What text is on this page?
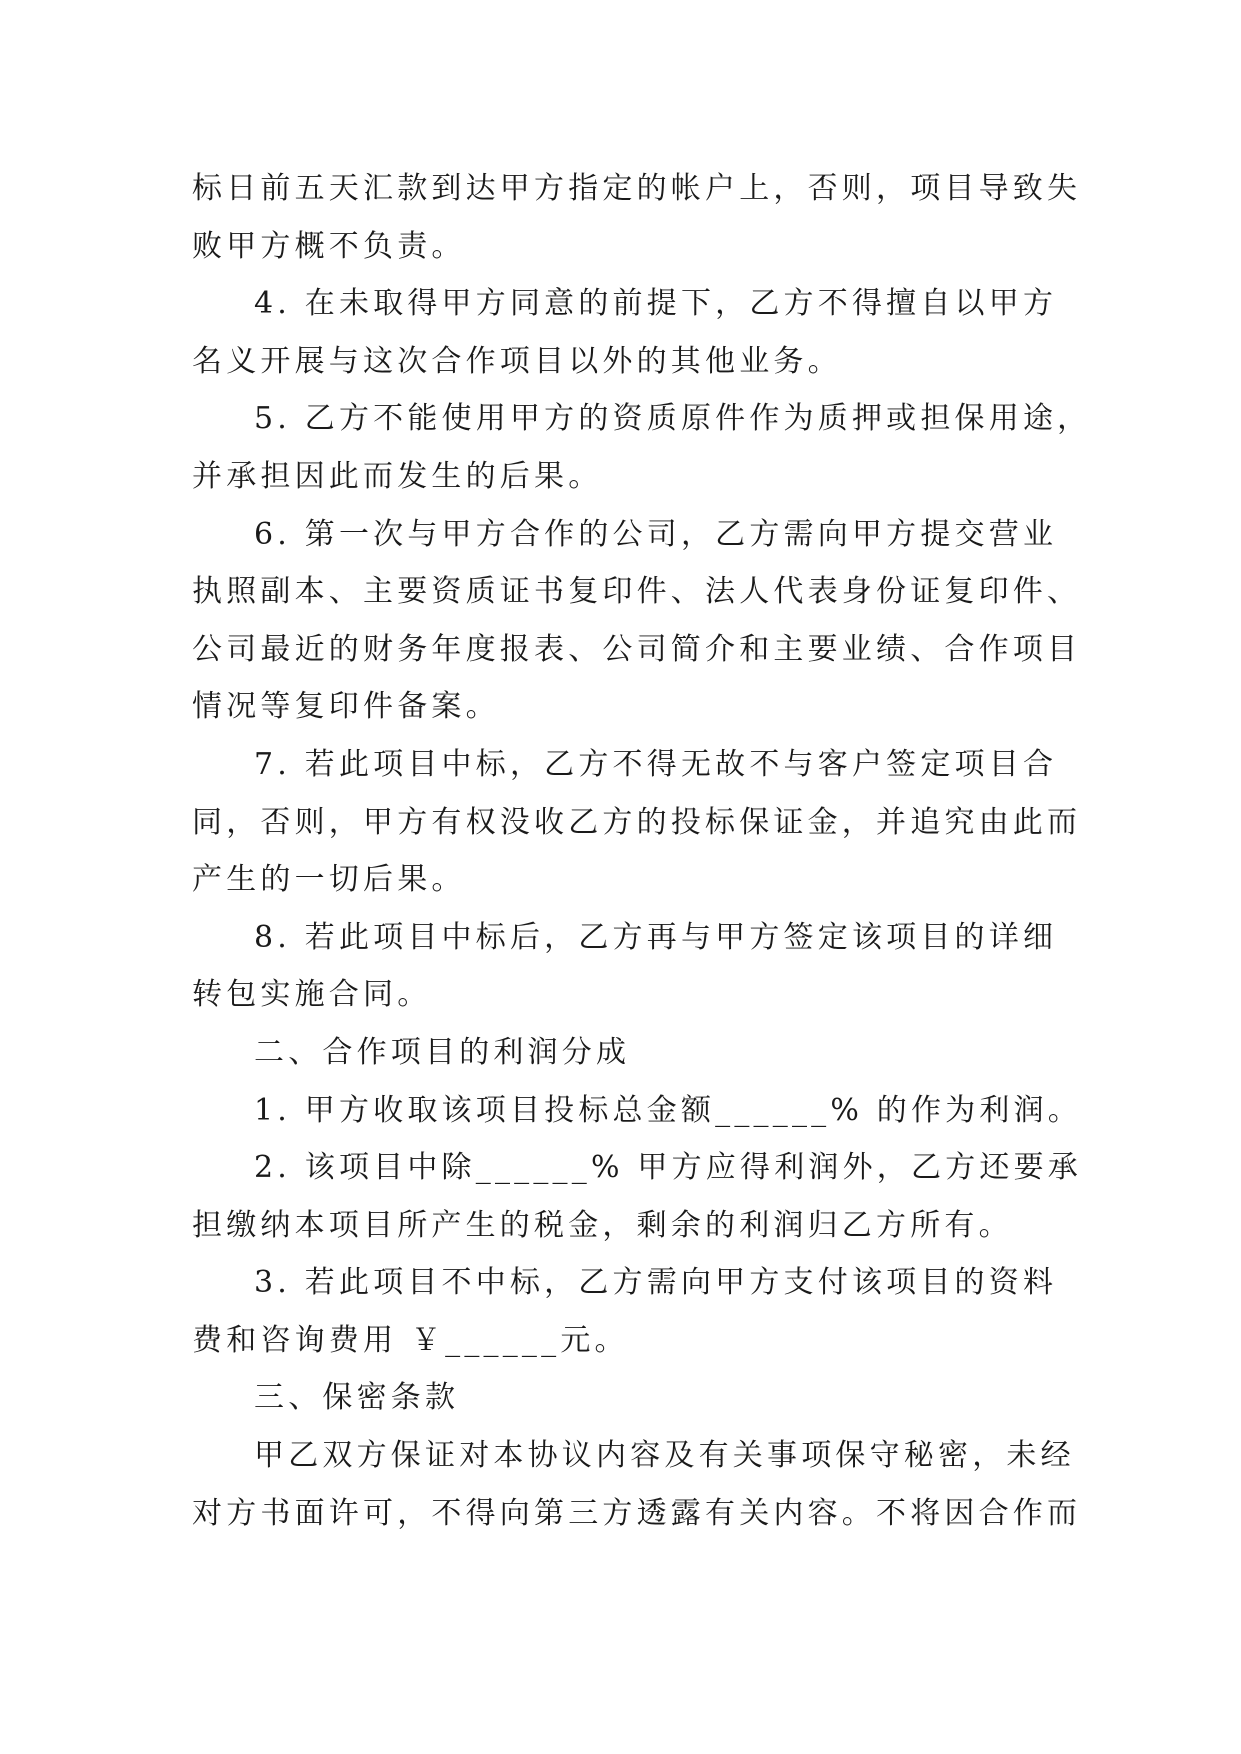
标日前五天汇款到达甲方指定的帐户上，否则，项目导致失
败甲方概不负责。
4. 在未取得甲方同意的前提下，乙方不得擅自以甲方
名义开展与这次合作项目以外的其他业务。
5. 乙方不能使用甲方的资质原件作为质押或担保用途，
并承担因此而发生的后果。
6. 第一次与甲方合作的公司，乙方需向甲方提交营业
执照副本、主要资质证书复印件、法人代表身份证复印件、
公司最近的财务年度报表、公司简介和主要业绩、合作项目
情况等复印件备案。
7. 若此项目中标，乙方不得无故不与客户签定项目合
同，否则，甲方有权没收乙方的投标保证金，并追究由此而
产生的一切后果。
8. 若此项目中标后，乙方再与甲方签定该项目的详细
转包实施合同。
二、合作项目的利润分成
1. 甲方收取该项目投标总金额______% 的作为利润。
2. 该项目中除______% 甲方应得利润外，乙方还要承
担缴纳本项目所产生的税金，剩余的利润归乙方所有。
3. 若此项目不中标，乙方需向甲方支付该项目的资料
费和咨询费用 ￥______元。
三、保密条款
甲乙双方保证对本协议内容及有关事项保守秘密，未经
对方书面许可，不得向第三方透露有关内容。不将因合作而
